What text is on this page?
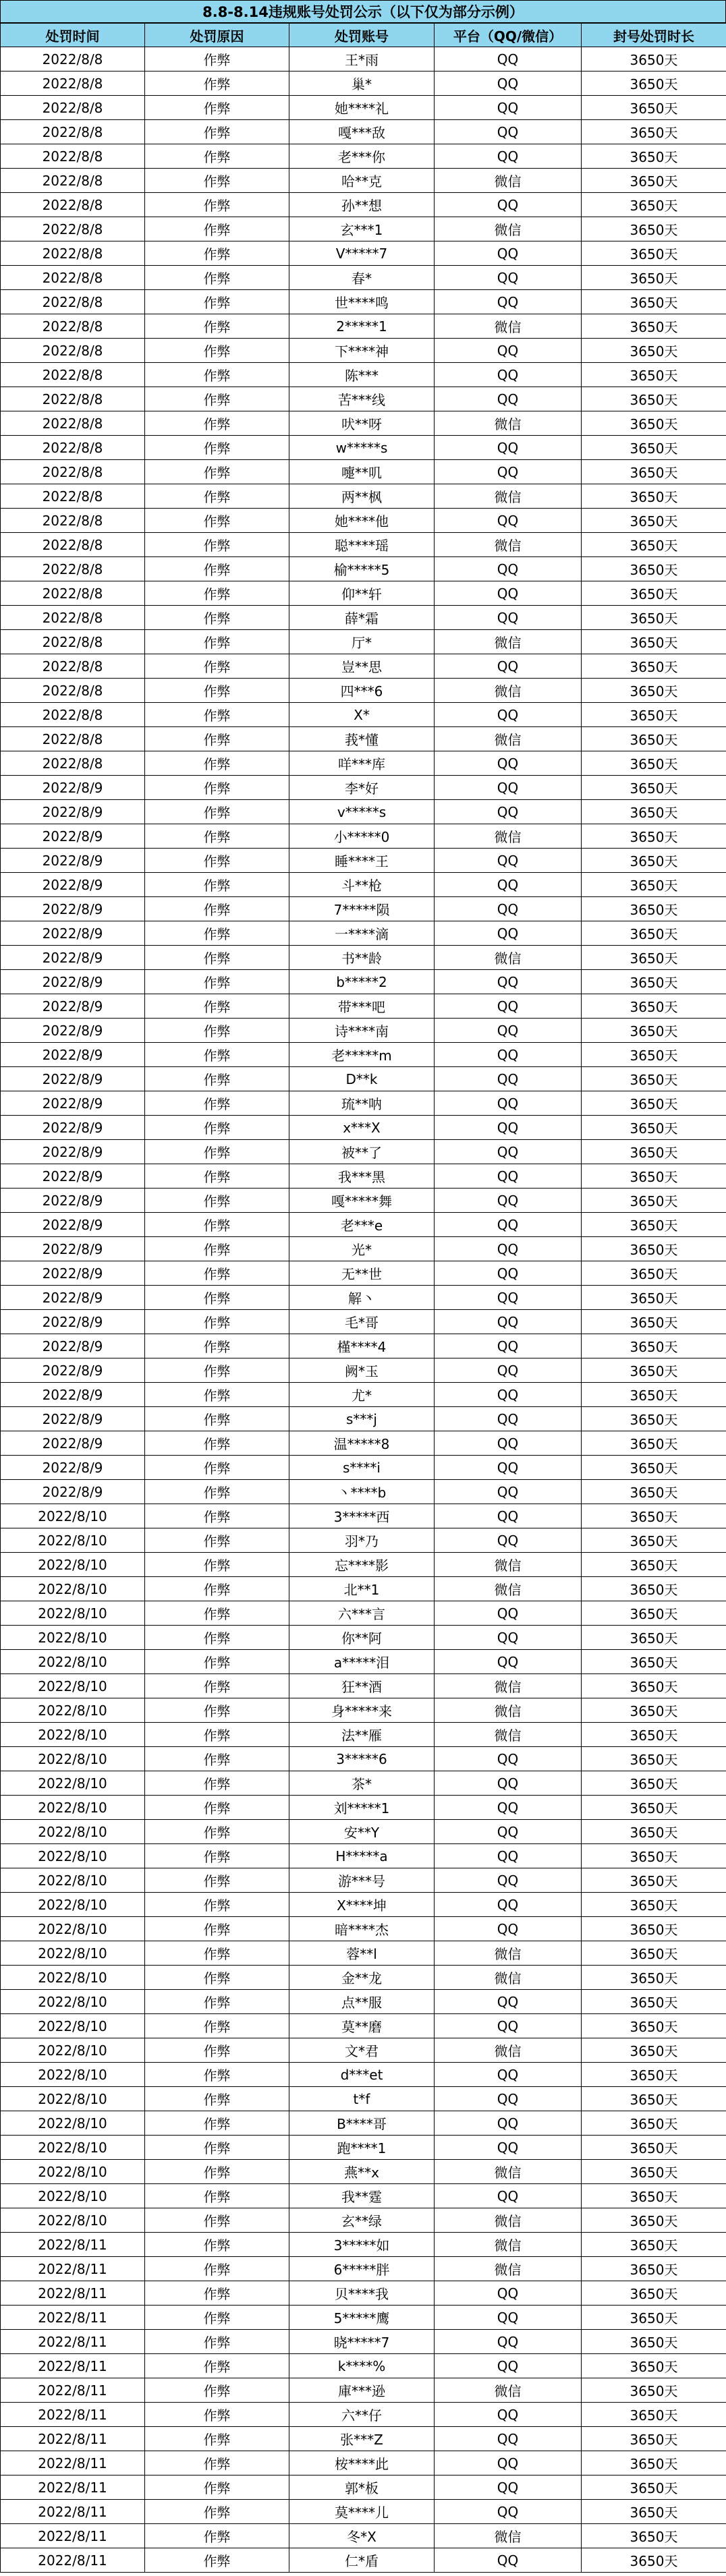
8.8-8.14违规账号处罚公示（以下仅为部分示例）
处罚时间	处罚原因	处罚账号	平台（QQ/微信）	封号处罚时长
2022/8/8	作弊	王*雨	QQ	3650天
2022/8/8	作弊	巢*	QQ	3650天
2022/8/8	作弊	她****礼	QQ	3650天
2022/8/8	作弊	嘎***敌	QQ	3650天
2022/8/8	作弊	老***你	QQ	3650天
2022/8/8	作弊	哈**克	微信	3650天
2022/8/8	作弊	孙**想	QQ	3650天
2022/8/8	作弊	玄***1	微信	3650天
2022/8/8	作弊	V*****7	QQ	3650天
2022/8/8	作弊	春*	QQ	3650天
2022/8/8	作弊	世****鸣	QQ	3650天
2022/8/8	作弊	2*****1	微信	3650天
2022/8/8	作弊	下****神	QQ	3650天
2022/8/8	作弊	陈***	QQ	3650天
2022/8/8	作弊	苦***线	QQ	3650天
2022/8/8	作弊	吠**呀	微信	3650天
2022/8/8	作弊	w*****s	QQ	3650天
2022/8/8	作弊	嚏**叽	QQ	3650天
2022/8/8	作弊	两**枫	微信	3650天
2022/8/8	作弊	她****他	QQ	3650天
2022/8/8	作弊	聪****瑶	微信	3650天
2022/8/8	作弊	榆*****5	QQ	3650天
2022/8/8	作弊	仰**轩	QQ	3650天
2022/8/8	作弊	薛*霜	QQ	3650天
2022/8/8	作弊	厅*	微信	3650天
2022/8/8	作弊	豈**思	QQ	3650天
2022/8/8	作弊	四***6	微信	3650天
2022/8/8	作弊	X*	QQ	3650天
2022/8/8	作弊	莪*懂	微信	3650天
2022/8/8	作弊	咩***库	QQ	3650天
2022/8/9	作弊	李*好	QQ	3650天
2022/8/9	作弊	v*****s	QQ	3650天
2022/8/9	作弊	小*****0	微信	3650天
2022/8/9	作弊	睡****王	QQ	3650天
2022/8/9	作弊	斗**枪	QQ	3650天
2022/8/9	作弊	7*****陨	QQ	3650天
2022/8/9	作弊	一****滴	QQ	3650天
2022/8/9	作弊	书**龄	微信	3650天
2022/8/9	作弊	b*****2	QQ	3650天
2022/8/9	作弊	带***吧	QQ	3650天
2022/8/9	作弊	诗****南	QQ	3650天
2022/8/9	作弊	老*****m	QQ	3650天
2022/8/9	作弊	D**k	QQ	3650天
2022/8/9	作弊	琉**呐	QQ	3650天
2022/8/9	作弊	x***X	QQ	3650天
2022/8/9	作弊	被**了	QQ	3650天
2022/8/9	作弊	我***黑	QQ	3650天
2022/8/9	作弊	嘎*****舞	QQ	3650天
2022/8/9	作弊	老***e	QQ	3650天
2022/8/9	作弊	光*	QQ	3650天
2022/8/9	作弊	无**世	QQ	3650天
2022/8/9	作弊	解丶	QQ	3650天
2022/8/9	作弊	毛*哥	QQ	3650天
2022/8/9	作弊	槿****4	QQ	3650天
2022/8/9	作弊	阙*玉	QQ	3650天
2022/8/9	作弊	尤*	QQ	3650天
2022/8/9	作弊	s***j	QQ	3650天
2022/8/9	作弊	温*****8	QQ	3650天
2022/8/9	作弊	s****i	QQ	3650天
2022/8/9	作弊	丶****b	QQ	3650天
2022/8/10	作弊	3*****西	QQ	3650天
2022/8/10	作弊	羽*乃	QQ	3650天
2022/8/10	作弊	忘****影	微信	3650天
2022/8/10	作弊	北**1	微信	3650天
2022/8/10	作弊	六***言	QQ	3650天
2022/8/10	作弊	你**阿	QQ	3650天
2022/8/10	作弊	a*****泪	QQ	3650天
2022/8/10	作弊	狂**酒	微信	3650天
2022/8/10	作弊	身*****来	微信	3650天
2022/8/10	作弊	法**雁	微信	3650天
2022/8/10	作弊	3*****6	QQ	3650天
2022/8/10	作弊	茶*	QQ	3650天
2022/8/10	作弊	刘*****1	QQ	3650天
2022/8/10	作弊	安**Y	QQ	3650天
2022/8/10	作弊	H*****a	QQ	3650天
2022/8/10	作弊	游***号	QQ	3650天
2022/8/10	作弊	X****坤	QQ	3650天
2022/8/10	作弊	暗****杰	QQ	3650天
2022/8/10	作弊	蓉**l	微信	3650天
2022/8/10	作弊	金**龙	微信	3650天
2022/8/10	作弊	点**服	QQ	3650天
2022/8/10	作弊	莫**磨	QQ	3650天
2022/8/10	作弊	文*君	微信	3650天
2022/8/10	作弊	d***et	QQ	3650天
2022/8/10	作弊	t*f	QQ	3650天
2022/8/10	作弊	B****哥	QQ	3650天
2022/8/10	作弊	跑****1	QQ	3650天
2022/8/10	作弊	燕**x	微信	3650天
2022/8/10	作弊	我**霆	QQ	3650天
2022/8/10	作弊	玄**绿	微信	3650天
2022/8/11	作弊	3*****如	微信	3650天
2022/8/11	作弊	6*****胖	微信	3650天
2022/8/11	作弊	贝****我	QQ	3650天
2022/8/11	作弊	5*****鹰	QQ	3650天
2022/8/11	作弊	晓*****7	QQ	3650天
2022/8/11	作弊	k****%	QQ	3650天
2022/8/11	作弊	庫***逊	微信	3650天
2022/8/11	作弊	六**仔	QQ	3650天
2022/8/11	作弊	张***Z	QQ	3650天
2022/8/11	作弊	桉****此	QQ	3650天
2022/8/11	作弊	郭*板	QQ	3650天
2022/8/11	作弊	莫****儿	QQ	3650天
2022/8/11	作弊	冬*X	微信	3650天
2022/8/11	作弊	仁*盾	QQ	3650天
